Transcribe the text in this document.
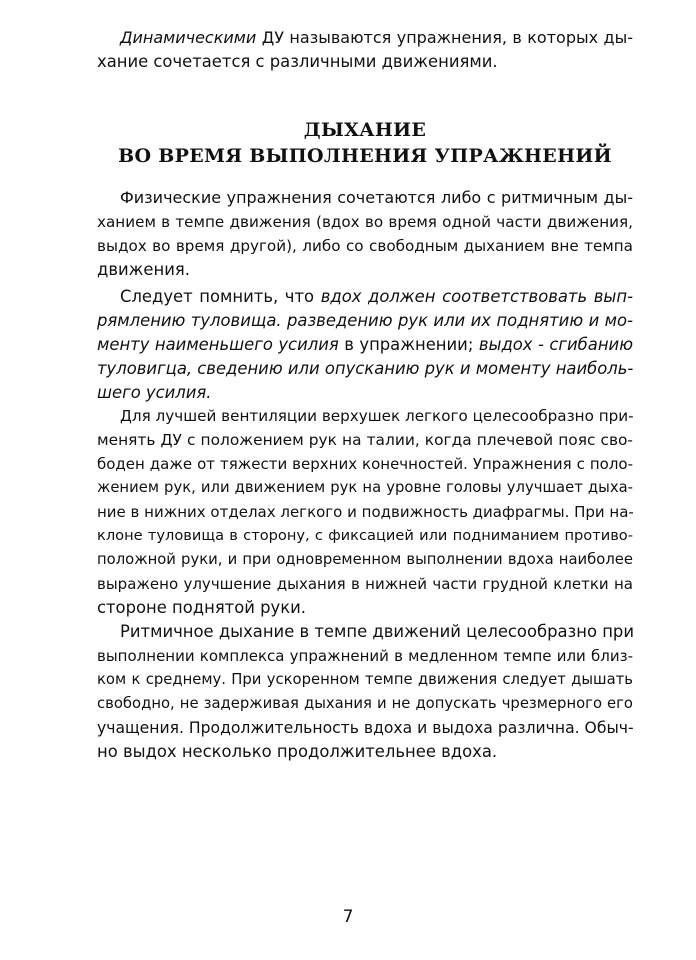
Динамическими ДУ называются упражнения, в которых ды-
хание сочетается с различными движениями.
ДЫХАНИЕ
ВО ВРЕМЯ ВЫПОЛНЕНИЯ УПРАЖНЕНИЙ
Физические упражнения сочетаются либо с ритмичным ды-
ханием в темпе движения (вдох во время одной части движения,
выдох во время другой), либо со свободным дыханием вне темпа
движения.
Следует помнить, что вдох должен соответствовать вып-
рямлению туловища. разведению рук или их поднятию и мо-
менту наименьшего усилия в упражнении; выдох - сгибанию
туловигца, сведению или опусканию рук и моменту наиболь-
шего усилия.
Для лучшей вентиляции верхушек легкого целесообразно при-
менять ДУ с положением рук на талии, когда плечевой пояс сво-
боден даже от тяжести верхних конечностей. Упражнения с поло-
жением рук, или движением рук на уровне головы улучшает дыха-
ние в нижних отделах легкого и подвижность диафрагмы. При на-
клоне туловища в сторону, с фиксацией или подниманием противо-
положной руки, и при одновременном выполнении вдоха наиболее
выражено улучшение дыхания в нижней части грудной клетки на
стороне поднятой руки.
Ритмичное дыхание в темпе движений целесообразно при
выполнении комплекса упражнений в медленном темпе или близ-
ком к среднему. При ускоренном темпе движения следует дышать
свободно, не задерживая дыхания и не допускать чрезмерного его
учащения. Продолжительность вдоха и выдоха различна. Обыч-
но выдох несколько продолжительнее вдоха.
7
